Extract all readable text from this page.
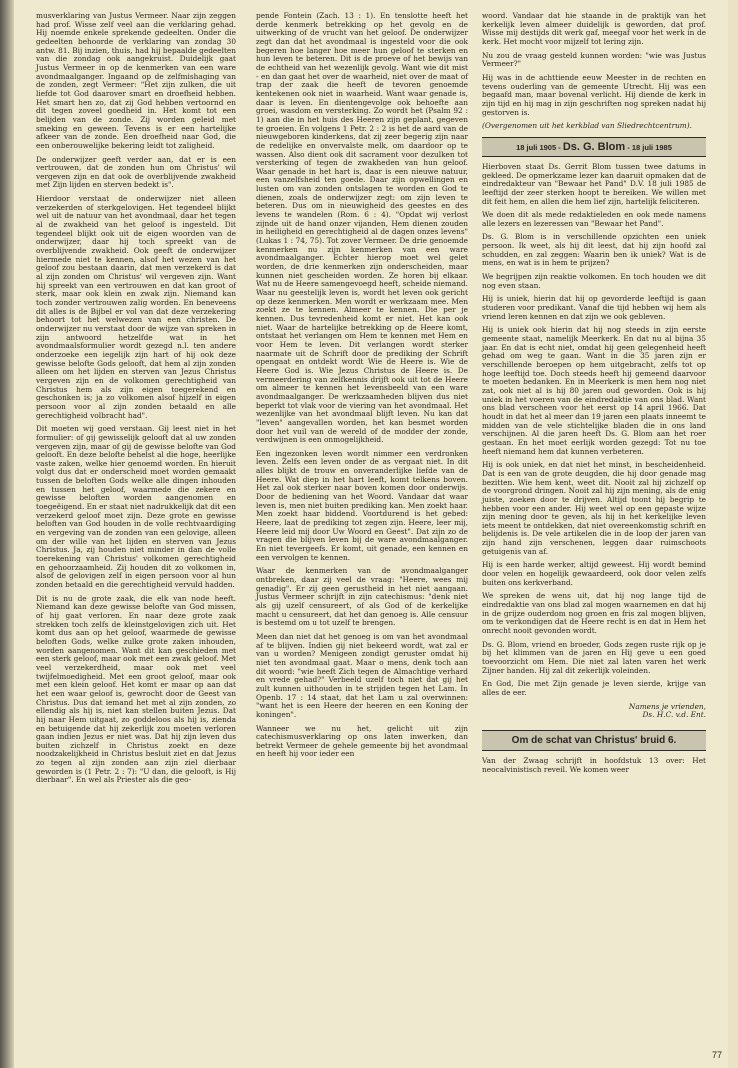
musverklaring van Justus Vermeer. Naar zijn zeggen had prof. Wisse zelf veel aan die verklaring gehad. Hij noemde enkele sprekende gedeelten. Onder die gedeelten behoorde de verklaring van zondag 30 antw. 81. Bij inzien, thuis, had hij bepaalde gedeelten van die zondag ook aangekruist. Duidelijk gaat Justus Vermeer in op de kenmerken van een ware avondmaalganger. Ingaand op de zelfmishaging van de zonden, zegt Vermeer: "Het zijn zulken, die uit liefde tot God daarover smart en droefheid hebben. Het smart hen zo, dat zij God hebben vertoornd en dit tegen zoveel goedheid in. Het komt tot een belijden van de zonde. Zij worden geleid met smeking en geween. Tevens is er een hartelijke afkeer van de zonde. Een droefheid naar God, die een onberouwelijke bekering leidt tot zaligheid.

De onderwijzer geeft verder aan, dat er is een vertrouwen, dat de zonden hun om Christus' wil vergeven zijn en dat ook de overblijvende zwakheid met Zijn lijden en sterven bedekt is".

Hierdoor verstaat de onderwijzer niet alleen verzekerden of sterkgelovigen. Het tegendeel blijkt wel uit de natuur van het avondmaal, daar het tegen al de zwakheid van het geloof is ingesteld. Dit tegendeel blijkt ook uit de eigen woorden van de onderwijzer, daar hij toch spreekt van de overblijvende zwakheid. Ook geeft de onderwijzer hiermede niet te kennen, alsof het wezen van het geloof zou bestaan daarin, dat men verzekerd is dat al zijn zonden om Christus' wil vergeven zijn. Want hij spreekt van een vertrouwen en dat kan groot of sterk, maar ook klein en zwak zijn. Niemand kan toch zonder vertrouwen zalig worden. En beneveens dit alles is de Bijbel er vol van dat deze verzekering behoort tot het welwezen van een christen. De onderwijzer nu verstaat door de wijze van spreken in zijn antwoord hetzelfde wat in het avondmaalsformulier wordt gezegd n.l. ten andere onderzoeke een iegelijk zijn hart of hij ook deze gewisse beloftе Gods gelooft, dat hem al zijn zonden alleen om het lijden en sterven van Jezus Christus vergeven zijn en de volkomen gerechtigheid van Christus hem als zijn eigen toegerekend en geschonken is; ja zo volkomen alsof hijzelf in eigen persoon voor al zijn zonden betaald en alle gerechtigheid volbracht had".

Dit moeten wij goed verstaan. Gij leest niet in het formulier: of gij gewisselijk gelooft dat al uw zonden vergeven zijn, maar of gij de gewisse beloftе van God gelooft. En deze beloftе behelst al die hoge, heerlijke vaste zaken, welke hier genoemd worden. En hieruit volgt dus dat er onderscheid moet worden gemaakt tussen de beloftеn Gods welke alle dingen inhouden en tussen het geloof, waarmede die zekere en gewisse beloftеn worden aangenomen en toegeëigend. En er staat niet nadrukkelijk dat dit een verzekerd geloof moet zijn. Deze grote en gewisse beloftеn van God houden in de volle rechtvaardiging en vergeving van de zonden van een gelovige, alleen om der wille van het lijden en sterven van Jezus Christus. Ja, zij houden niet minder in dan de volle toerekening van Christus' volkomen gerechtigheid en gehoorzaamheid. Zij houden dit zo volkomen in, alsof de gelovigen zelf in eigen persoon voor al hun zonden betaald en die gerechtigheid vervuld hadden.

Dit is nu de grote zaak, die elk van node heeft. Niemand kan deze gewisse beloftе van God missen, of hij gaat verloren. En naar deze grote zaak strekken toch zelfs de kleinstgelovigen zich uit. Het komt dus aan op het geloof, waarmede de gewisse beloftеn Gods, welke zulke grote zaken inhouden, worden aangenomen. Want dit kan geschieden met een sterk geloof, maar ook met een zwak geloof. Met veel verzekerdheid, maar ook met veel twijfelmoedigheid. Met een groot geloof, maar ook met een klein geloof. Het komt er maar op aan dat het een waar geloof is, gewrocht door de Geest van Christus. Dus dat iemand het met al zijn zonden, zo ellendig als hij is, niet kan stellen buiten Jezus. Dat hij naar Hem uitgaat, zo goddeloos als hij is, zienda en betuigende dat hij zekerlijk zou moeten verloren gaan indien Jezus er niet was. Dat hij zijn leven dus buiten zichzelf in Christus zoekt en deze noodzakelijkheid in Christus besluit ziet en dat Jezus zo tegen al zijn zonden aan zijn ziel dierbaar geworden is (1 Petr. 2 : 7): "U dan, die gelooft, is Hij dierbaar". En wel als Priester als die geo-

pende Fontein (Zach. 13 : 1). En tenslotte heeft het derde kenmerk betrekking op het gevolg en de uitwerking of de vrucht van het geloof. De onderwijzer zegt dan dat het avondmaal is ingesteld voor die ook begeren hoe langer hoe meer hun geloof te sterken en hun leven te beteren. Dit is de proeve of het bewijs van de echtheid van het wezenlijk gevolg. Want wie dit mist - en dan gaat het over de waarheid, niet over de maat of trap der zaak die heeft de tevoren genoemde kentekenen ook niet in waarheid. Want waar genade is, daar is leven. En dientengevolge ook behoefte aan groei, wasdom en versterking. Zo wordt het (Psalm 92 : 1) aan die in het huis des Heeren zijn geplant, gegeven te groeien. En volgens 1 Petr. 2 : 2 is het de aard van de nieuwgeboren kinderkens, dat zij zeer begerig zijn naar de redelijke en onvervalste melk, om daardoor op te wassen. Also dient ook dit sacrament voor dezulken tot versterking of tegen de zwakheden van hun geloof. Waar genade in het hart is, daar is een nieuwe natuur, een vanzelfsheid ten goede. Daar zijn opwellingen en lusten om van zonden ontslagen te worden en God te dienen, zoals de onderwijzer zegt: om zijn leven te beteren. Dus om in nieuwigheid des geestes en des levens te wandelen (Rom. 6 : 4). "Opdat wij verlost zijnde uit de hand onzer vijanden, Hem dienen zouden in heiligheid en gerechtigheid al de dagen onzes levens" (Lukas 1 : 74, 75). Tot zover Vermeer. De drie genoemde kenmerken nu zijn kenmerken van een ware avondmaalganger. Echter hierop moet wel gelet worden, de drie kenmerken zijn onderscheiden, maar kunnen niet gescheiden worden. Ze horen bij elkaar. Wat nu de Heere samengevoegd heeft, scheide niemand. Waar nu geestelijk leven is, wordt het leven ook gericht op deze kenmerken. Men wordt er werkzaam mee. Men zoekt ze te kennen. Almeer te kennen. Die per je kennen. Dus tevredenheid komt er niet. Het kan ook niet. Waar de hartelijke betrekking op de Heere komt, ontstaat het verlangen om Hem te kennen met Hem en voor Hem te leven. Dit verlangen wordt sterker naarmate uit de Schrift door de prediking der Schrift opengaat en ontdekt wordt Wie de Heere is. Wie de Heere God is. Wie Jezus Christus de Heere is. De vermeerdering van zelfkennis drijft ook uit tot de Heere om almeer te kennen het levensbeeld van een ware avondmaalganger. De werkzaamheden blijven dus niet beperkt tot vlak voor de viering van het avondmaal. Het wezenlijke van het avondmaal blijft leven. Nu kan dat "leven" aangevallen worden, het kan besmet worden door het vuil van de wereld of de modder der zonde, verdwijnen is een onmogelijkheid.

Een ingezonken leven wordt nimmer een verdronken leven. Zelfs een leven onder de as vergaat niet. In dit alles blijkt de trouw en onveranderlijke liefde van de Heere. Wat diep in het hart leeft, komt telkens boven. Het zal ook sterker naar boven komen door onderwijs. Door de bediening van het Woord. Vandaar dat waar leven is, men niet buiten prediking kan. Men zoekt haar. Men zoekt haar biddend. Voortdurend is het gebed: Heere, laat de prediking tot zegen zijn. Heere, leer mij, Heere leid mij door Uw Woord en Geest". Dat zijn zo de vragen die blijven leven bij de ware avondmaalganger. En niet tevergeefs. Er komt, uit genade, een kennen en een vervolgen te kennen.

Waar de kenmerken van de avondmaalganger ontbreken, daar zij veel de vraag: "Heere, wees mij genadig". Er zij geen gerustheid in het niet aangaan. Justus Vermeer schrijft in zijn catechismus: "denk niet als gij uzelf censureert, of als God of de kerkelijke macht u censureert, dat het dan genoeg is. Alle censuur is bestemd om u tot uzelf te brengen.

Meen dan niet dat het genoeg is om van het avondmaal af te blijven. Indien gij niet bekeerd wordt, wat zal er van u worden? Menigeen zondigt gerustеr omdat hij niet ten avondmaal gaat. Maar o mens, denk toch aan dit woord: "wie heeft Zich tegen de Almachtige verhard en vrede gehad?" Verbeeld uzelf toch niet dat gij het zult kunnen uithouden in te strijden tegen het Lam. In Openb. 17 : 14 staat, dat het Lam u zal overwinnen: "want het is een Heere der heeren en een Koning der koningen".

Wanneer we nu het, gelicht uit zijn catechismusverklaring op ons laten inwerken, dan betrekt Vermeer de gehele gemeente bij het avondmaal en heeft hij voor ieder een

woord. Vandaar dat hie staande in de praktijk van het kerkelijk leven almeer duidelijk is geworden, dat prof. Wisse mij destijds dit werk gaf, meegaf voor het werk in de kerk. Het mocht voor mijzelf tot lering zijn.

Nu zou de vraag gesteld kunnen worden: "wie was Justus Vermeer?"

Hij was in de achttiende eeuw Meester in de rechten en tevens ouderling van de gemeente Utrecht. Hij was een begaafd man, maar bovenal verlicht. Hij diende de kerk in zijn tijd en hij mag in zijn geschriften nog spreken nadat hij gestorven is.

(Overgenomen uit het kerkblad van Sliedrechtcentrum).

18 juli 1905 - Ds. G. Blom - 18 juli 1985

Hierboven staat Ds. Gerrit Blom tussen twee datums in gekleed. De opmerkzame lezer kan daaruit opmaken dat de eindredakteur van "Bewaar het Pand" D.V. 18 juli 1985 de leeftijd der zeer sterken hoopt te bereiken. We willen met dit feit hem, en allen die hem lief zijn, hartelijk feliciteren.

We doen dit als mede redaktieleden en ook mede namens alle lezers en lezeressen van "Bewaar het Pand".

Ds. G. Blom is in verschillende opzichten een uniek persoon. Ik weet, als hij dit leest, dat hij zijn hoofd zal schudden, en zal zeggen: Waarin ben ik uniek? Wat is de mens, en wat is in hem te prijzen?

We begrijpen zijn reaktie volkomen. En toch houden we dit nog even staan.

Hij is uniek, hierin dat hij op gevorderde leeftijd is gaan studeren voor predikant. Vanaf die tijd hebben wij hem als vriend leren kennen en dat zijn we ook gebleven.

Hij is uniek ook hierin dat hij nog steeds in zijn eerste gemeente staat, namelijk Meerkerk. En dat nu al bijna 35 jaar. En dat is echt niet, omdat hij geen gelegenheid heeft gehad om weg te gaan. Want in die 35 jaren zijn er verschillende beroepen op hem uitgebracht, zelfs tot op hoge leeftijd toe. Doch steeds heeft hij gemeend daarvoor te moeten bedanken. En in Meerkerk is men hem nog niet zat, ook niet al is hij 80 jaren oud geworden. Ook is hij uniek in het voeren van de eindredaktie van ons blad. Want ons blad verscheen voor het eerst op 14 april 1966. Dat houdt in dat het al meer dan 19 jaren een plaats inneemt te midden van de vele stichtelijke bladen die in ons land verschijnen. Al die jaren heeft Ds. G. Blom aan het roer gestaan. En het moet eerlijk worden gezegd: Tot nu toe heeft niemand hem dat kunnen verbeteren.

Hij is ook uniek, en dat niet het minst, in bescheidenheid. Dat is een van de grote deugden, die hij door genade mag bezitten. Wie hem kent, weet dit. Nooit zal hij zichzelf op de voorgrond dringen. Nooit zal hij zijn mening, als de enig juiste, zoeken door te drijven. Altijd toont hij begrip te hebben voor een ander. Hij weet wel op een gepaste wijze zijn mening door te geven, als hij in het kerkelijke leven iets meent te ontdekken, dat niet overeenkomstig schrift en belijdenis is. De vele artikelen die in de loop der jaren van zijn hand zijn verschenen, leggen daar ruimschoots getuigenis van af.

Hij is een harde werker, altijd geweest. Hij wordt bemind door velen en hogelijk gewaardeerd, ook door velen zelfs buiten ons kerkverband.

We spreken de wens uit, dat hij nog lange tijd de eindredaktie van ons blad zal mogen waarnemen en dat hij in de grijze ouderdom nog groen en fris zal mogen blijven, om te verkondigen dat de Heere recht is en dat in Hem het onrecht nooit gevonden wordt.

Ds. G. Blom, vriend en broeder, Gods zegen ruste rijk op je bij het klimmen van de jaren en Hij geve u een goed toevoorzicht om Hem. Die niet zal laten varen het werk Zijner handen. Hij zal dit zekerlijk voleinden.

En God, Die met Zijn genade je leven sierde, krijge van alles de eer.

Namens je vrienden,
Ds. H.C. v.d. Ent.
Om de schat van Christus' bruid 6.

Van der Zwaag schrijft in hoofdstuk 13 over: Het neocalvinistisch reveil. We komen weer

77
